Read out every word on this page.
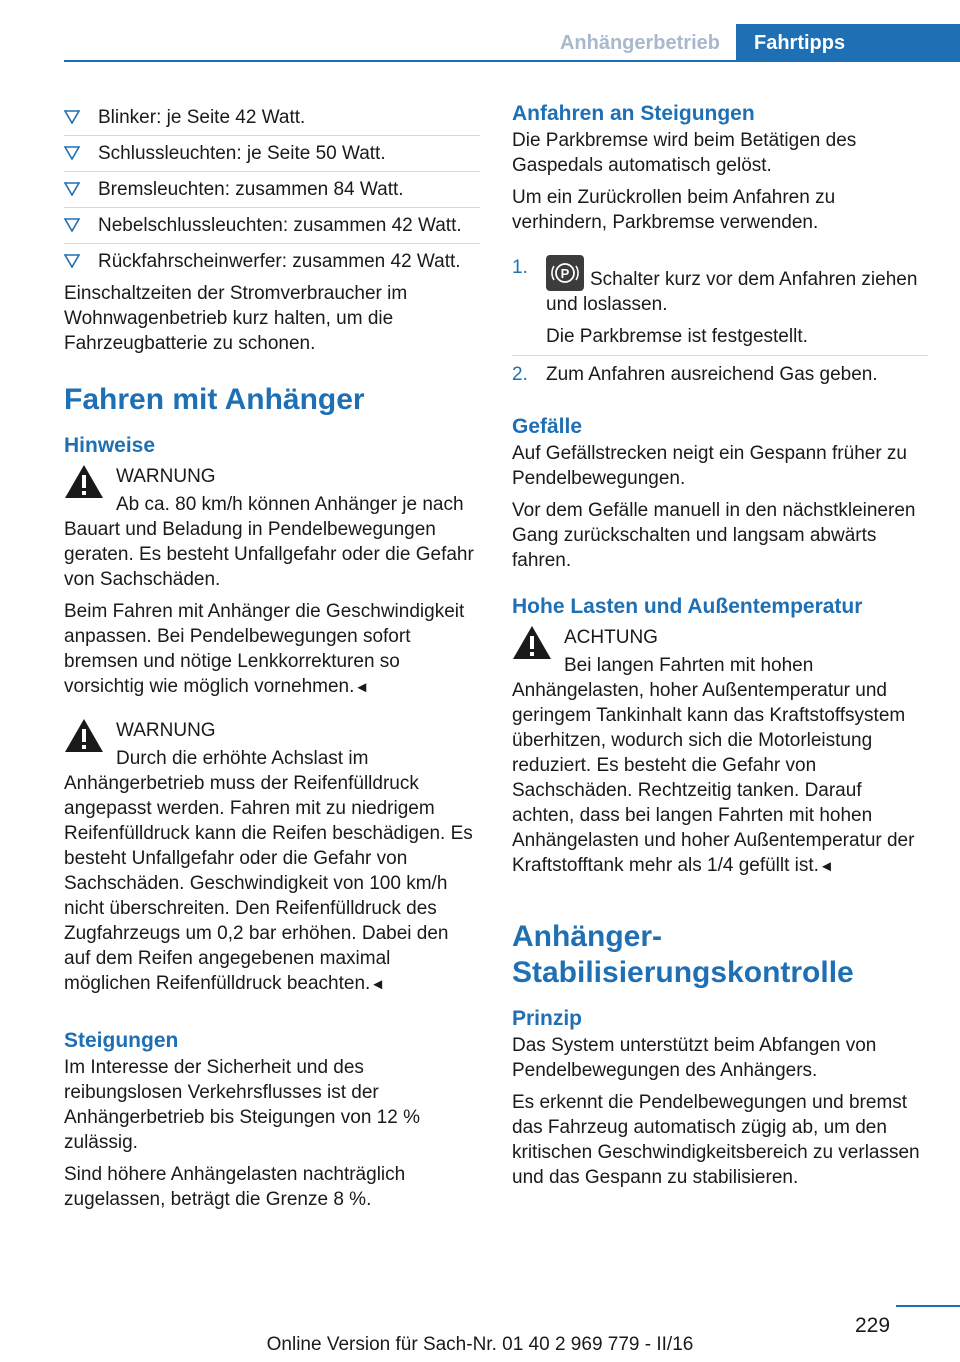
Anhängerbetrieb	Fahrtipps
Blinker: je Seite 42 Watt.
Schlussleuchten: je Seite 50 Watt.
Bremsleuchten: zusammen 84 Watt.
Nebelschlussleuchten: zusammen 42 Watt.
Rückfahrscheinwerfer: zusammen 42 Watt.

Einschaltzeiten der Stromverbraucher im Wohnwagenbetrieb kurz halten, um die Fahrzeugbatterie zu schonen.

Fahren mit Anhänger
Hinweise

WARNUNG

Ab ca. 80 km/h können Anhänger je nach Bauart und Beladung in Pendelbewegungen geraten. Es besteht Unfallgefahr oder die Gefahr von Sachschäden.

Beim Fahren mit Anhänger die Geschwindigkeit anpassen. Bei Pendelbewegungen sofort bremsen und nötige Lenkkorrekturen so vorsichtig wie möglich vornehmen.◄

WARNUNG

Durch die erhöhte Achslast im Anhängerbetrieb muss der Reifenfülldruck angepasst werden. Fahren mit zu niedrigem Reifenfülldruck kann die Reifen beschädigen. Es besteht Unfallgefahr oder die Gefahr von Sachschäden. Geschwindigkeit von 100 km/h nicht überschreiten. Den Reifenfülldruck des Zugfahrzeugs um 0,2 bar erhöhen. Dabei den auf dem Reifen angegebenen maximal möglichen Reifenfülldruck beachten.◄

Steigungen

Im Interesse der Sicherheit und des reibungslosen Verkehrsflusses ist der Anhängerbetrieb bis Steigungen von 12 % zulässig.

Sind höhere Anhängelasten nachträglich zugelassen, beträgt die Grenze 8 %.

Anfahren an Steigungen

Die Parkbremse wird beim Betätigen des Gaspedals automatisch gelöst.

Um ein Zurückrollen beim Anfahren zu verhindern, Parkbremse verwenden.

1.	P Schalter kurz vor dem Anfahren ziehen und loslassen.

Die Parkbremse ist festgestellt.

2. Zum Anfahren ausreichend Gas geben.
Gefälle

Auf Gefällstrecken neigt ein Gespann früher zu Pendelbewegungen.

Vor dem Gefälle manuell in den nächstkleineren Gang zurückschalten und langsam abwärts fahren.

Hohe Lasten und Außentemperatur

ACHTUNG

Bei langen Fahrten mit hohen Anhängelasten, hoher Außentemperatur und geringem Tankinhalt kann das Kraftstoffsystem überhitzen, wodurch sich die Motorleistung reduziert. Es besteht die Gefahr von Sachschäden. Rechtzeitig tanken. Darauf achten, dass bei langen Fahrten mit hohen Anhängelasten und hoher Außentemperatur der Kraftstofftank mehr als 1/4 gefüllt ist.◄

Anhänger-
Stabilisierungskontrolle
Prinzip

Das System unterstützt beim Abfangen von Pendelbewegungen des Anhängers.

Es erkennt die Pendelbewegungen und bremst das Fahrzeug automatisch zügig ab, um den kritischen Geschwindigkeitsbereich zu verlassen und das Gespann zu stabilisieren.

229
Online Version für Sach-Nr. 01 40 2 969 779 - II/16
